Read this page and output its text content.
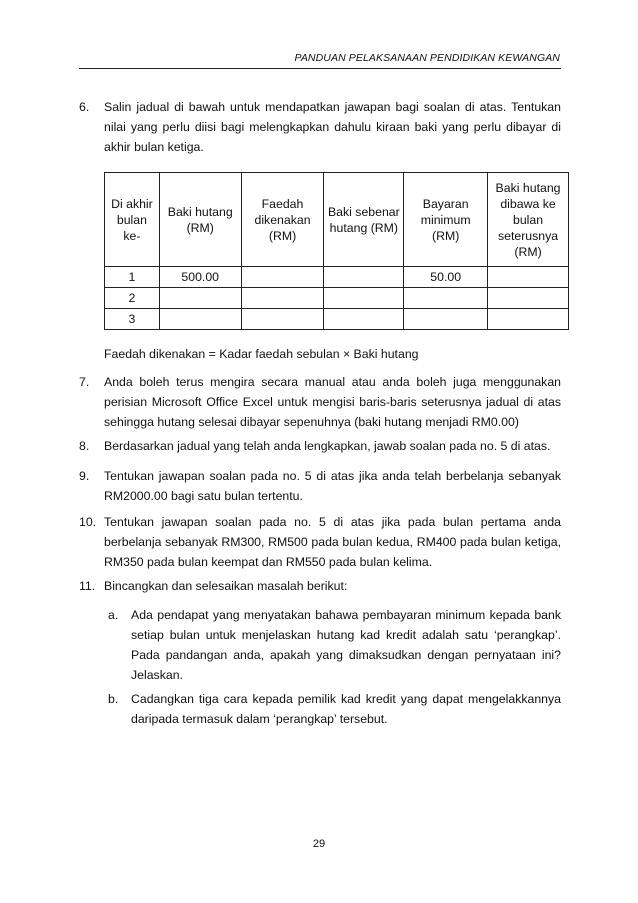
PANDUAN PELAKSANAAN PENDIDIKAN KEWANGAN
6. Salin jadual di bawah untuk mendapatkan jawapan bagi soalan di atas. Tentukan nilai yang perlu diisi bagi melengkapkan dahulu kiraan baki yang perlu dibayar di akhir bulan ketiga.
Di akhir bulan ke-	Baki hutang (RM)	Faedah dikenakan (RM)	Baki sebenar hutang (RM)	Bayaran minimum (RM)	Baki hutang dibawa ke bulan seterusnya (RM)
1	500.00			50.00	
2					
3					
Faedah dikenakan = Kadar faedah sebulan × Baki hutang
7. Anda boleh terus mengira secara manual atau anda boleh juga menggunakan perisian Microsoft Office Excel untuk mengisi baris-baris seterusnya jadual di atas sehingga hutang selesai dibayar sepenuhnya (baki hutang menjadi RM0.00)
8. Berdasarkan jadual yang telah anda lengkapkan, jawab soalan pada no. 5 di atas.
9. Tentukan jawapan soalan pada no. 5 di atas jika anda telah berbelanja sebanyak RM2000.00 bagi satu bulan tertentu.
10. Tentukan jawapan soalan pada no. 5 di atas jika pada bulan pertama anda berbelanja sebanyak RM300, RM500 pada bulan kedua, RM400 pada bulan ketiga, RM350 pada bulan keempat dan RM550 pada bulan kelima.
11. Bincangkan dan selesaikan masalah berikut:
a. Ada pendapat yang menyatakan bahawa pembayaran minimum kepada bank setiap bulan untuk menjelaskan hutang kad kredit adalah satu ‘perangkap’. Pada pandangan anda, apakah yang dimaksudkan dengan pernyataan ini? Jelaskan.
b. Cadangkan tiga cara kepada pemilik kad kredit yang dapat mengelakkannya daripada termasuk dalam ‘perangkap’ tersebut.
29
